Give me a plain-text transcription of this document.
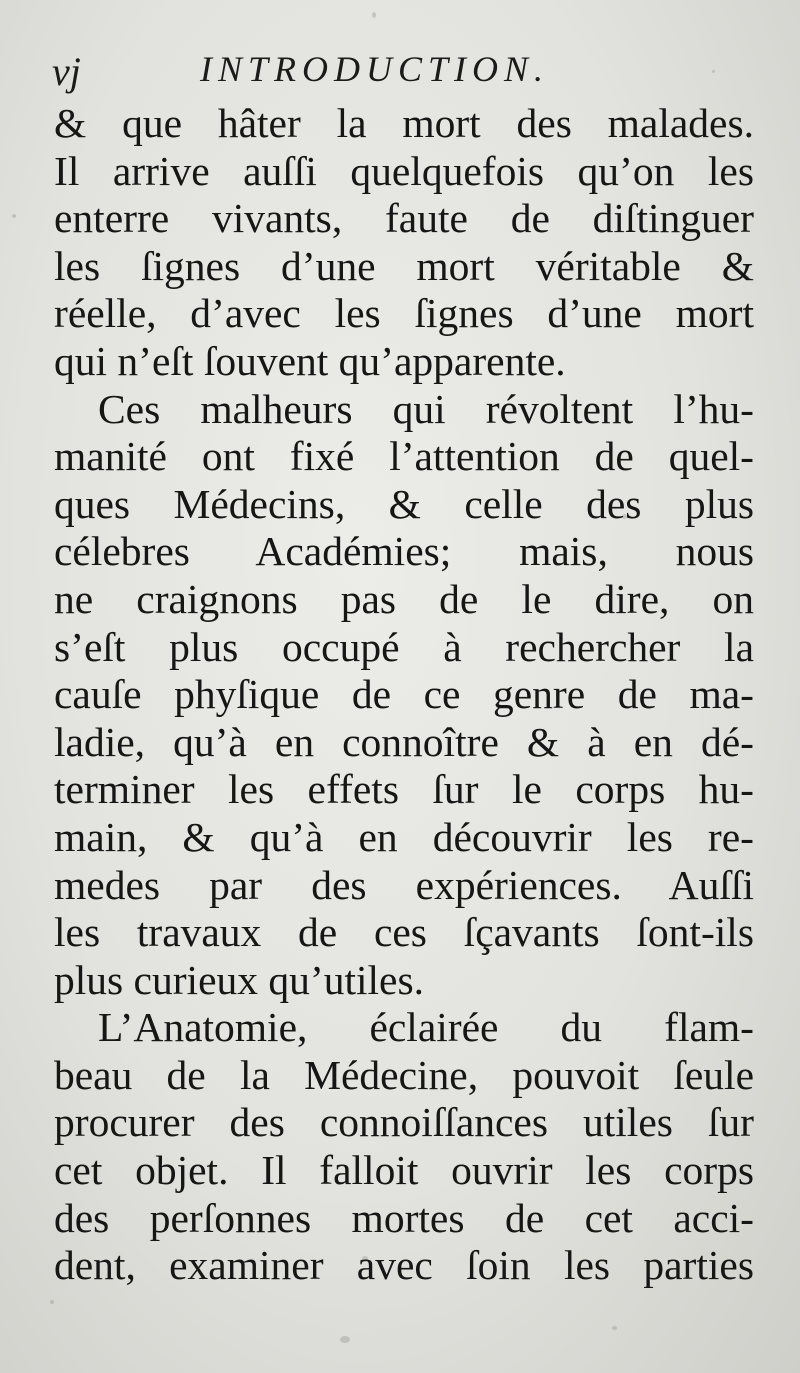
vj	INTRODUCTION.
& que hâter la mort des malades.
Il arrive auſſi quelquefois qu’on les
enterre vivants, faute de diſtinguer
les ſignes d’une mort véritable &
réelle, d’avec les ſignes d’une mort
qui n’eſt ſouvent qu’apparente.
Ces malheurs qui révoltent l’hu-
manité ont fixé l’attention de quel-
ques Médecins, & celle des plus
célebres Académies; mais, nous
ne craignons pas de le dire, on
s’eſt plus occupé à rechercher la
cauſe phyſique de ce genre de ma-
ladie, qu’à en connoître & à en dé-
terminer les effets ſur le corps hu-
main, & qu’à en découvrir les re-
medes par des expériences. Auſſi
les travaux de ces ſçavants ſont-ils
plus curieux qu’utiles.
L’Anatomie, éclairée du flam-
beau de la Médecine, pouvoit ſeule
procurer des connoiſſances utiles ſur
cet objet. Il falloit ouvrir les corps
des perſonnes mortes de cet acci-
dent, examiner avec ſoin les parties
